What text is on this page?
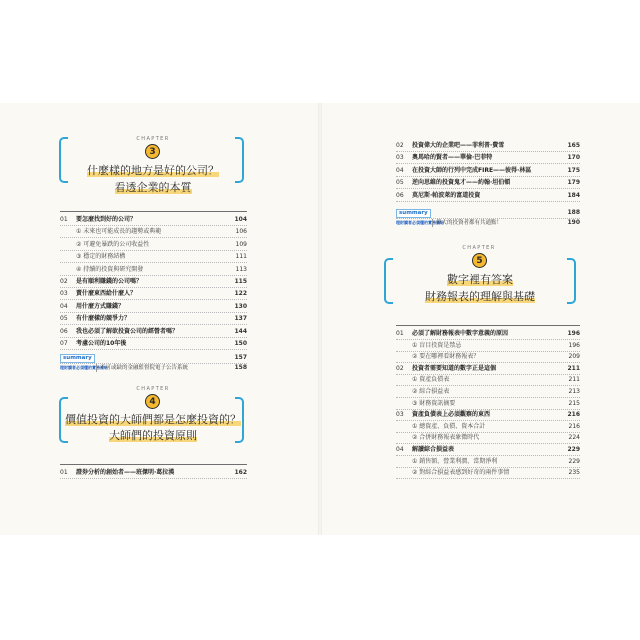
CHAPTER
3
什麼樣的地方是好的公司？
看透企業的本質
01 要怎麼找到好的公司？	104
① 未來也可能成長的趨勢或典範	106
② 可避免暴跌的公司收益性	109
③ 穩定的財務結構	111
④ 持續的投資與研究開發	113
02 是有順利賺錢的公司嗎？	115
03 賣什麼東西給什麼人？	122
04 用什麼方式賺錢？	130
05 有什麼樣的競爭力？	137
06 我也必須了解欲投資公司的經營者嗎？	144
07 考慮公司的10年後	150
summary	157
理財讀者必須懂的實務補帖
不可或缺的金融監督院電子公告系統	158
CHAPTER
4
價值投資的大師們都是怎麼投資的？
大師們的投資原則
01 證券分析的創始者——班傑明·葛拉漢	162
02 投資偉大的企業吧——菲利普·費雪	165
03 奧馬哈的賢者——華倫·巴菲特	170
04 在投資大師的行列中完成FIRE——彼得·林區	175
05 逆向思維的投資鬼才——約翰·坦伯頓	179
06 莫尼斯·帕波萊的富道投資	184
summary	188
理財讀者必須懂的實務補帖
偉大的投資者都有共通點！	190
CHAPTER
5
數字裡有答案
財務報表的理解與基礎
01 必須了解財務報表中數字意義的原因	196
① 盲目投資是禁忌	196
② 要在哪裡看財務報表？	209
02 投資者需要知道的數字正是這個	211
① 資產負債表	211
② 綜合損益表	213
③ 財務資訊摘要	215
03 資產負債表上必須觀察的東西	216
① 總資產、負債、資本合計	216
② 合併財務報表象徵時代	224
04 解讀綜合損益表	229
① 銷售額、營業利潤、當期淨利	229
② 對綜合損益表感到好奇的兩件事情	235
